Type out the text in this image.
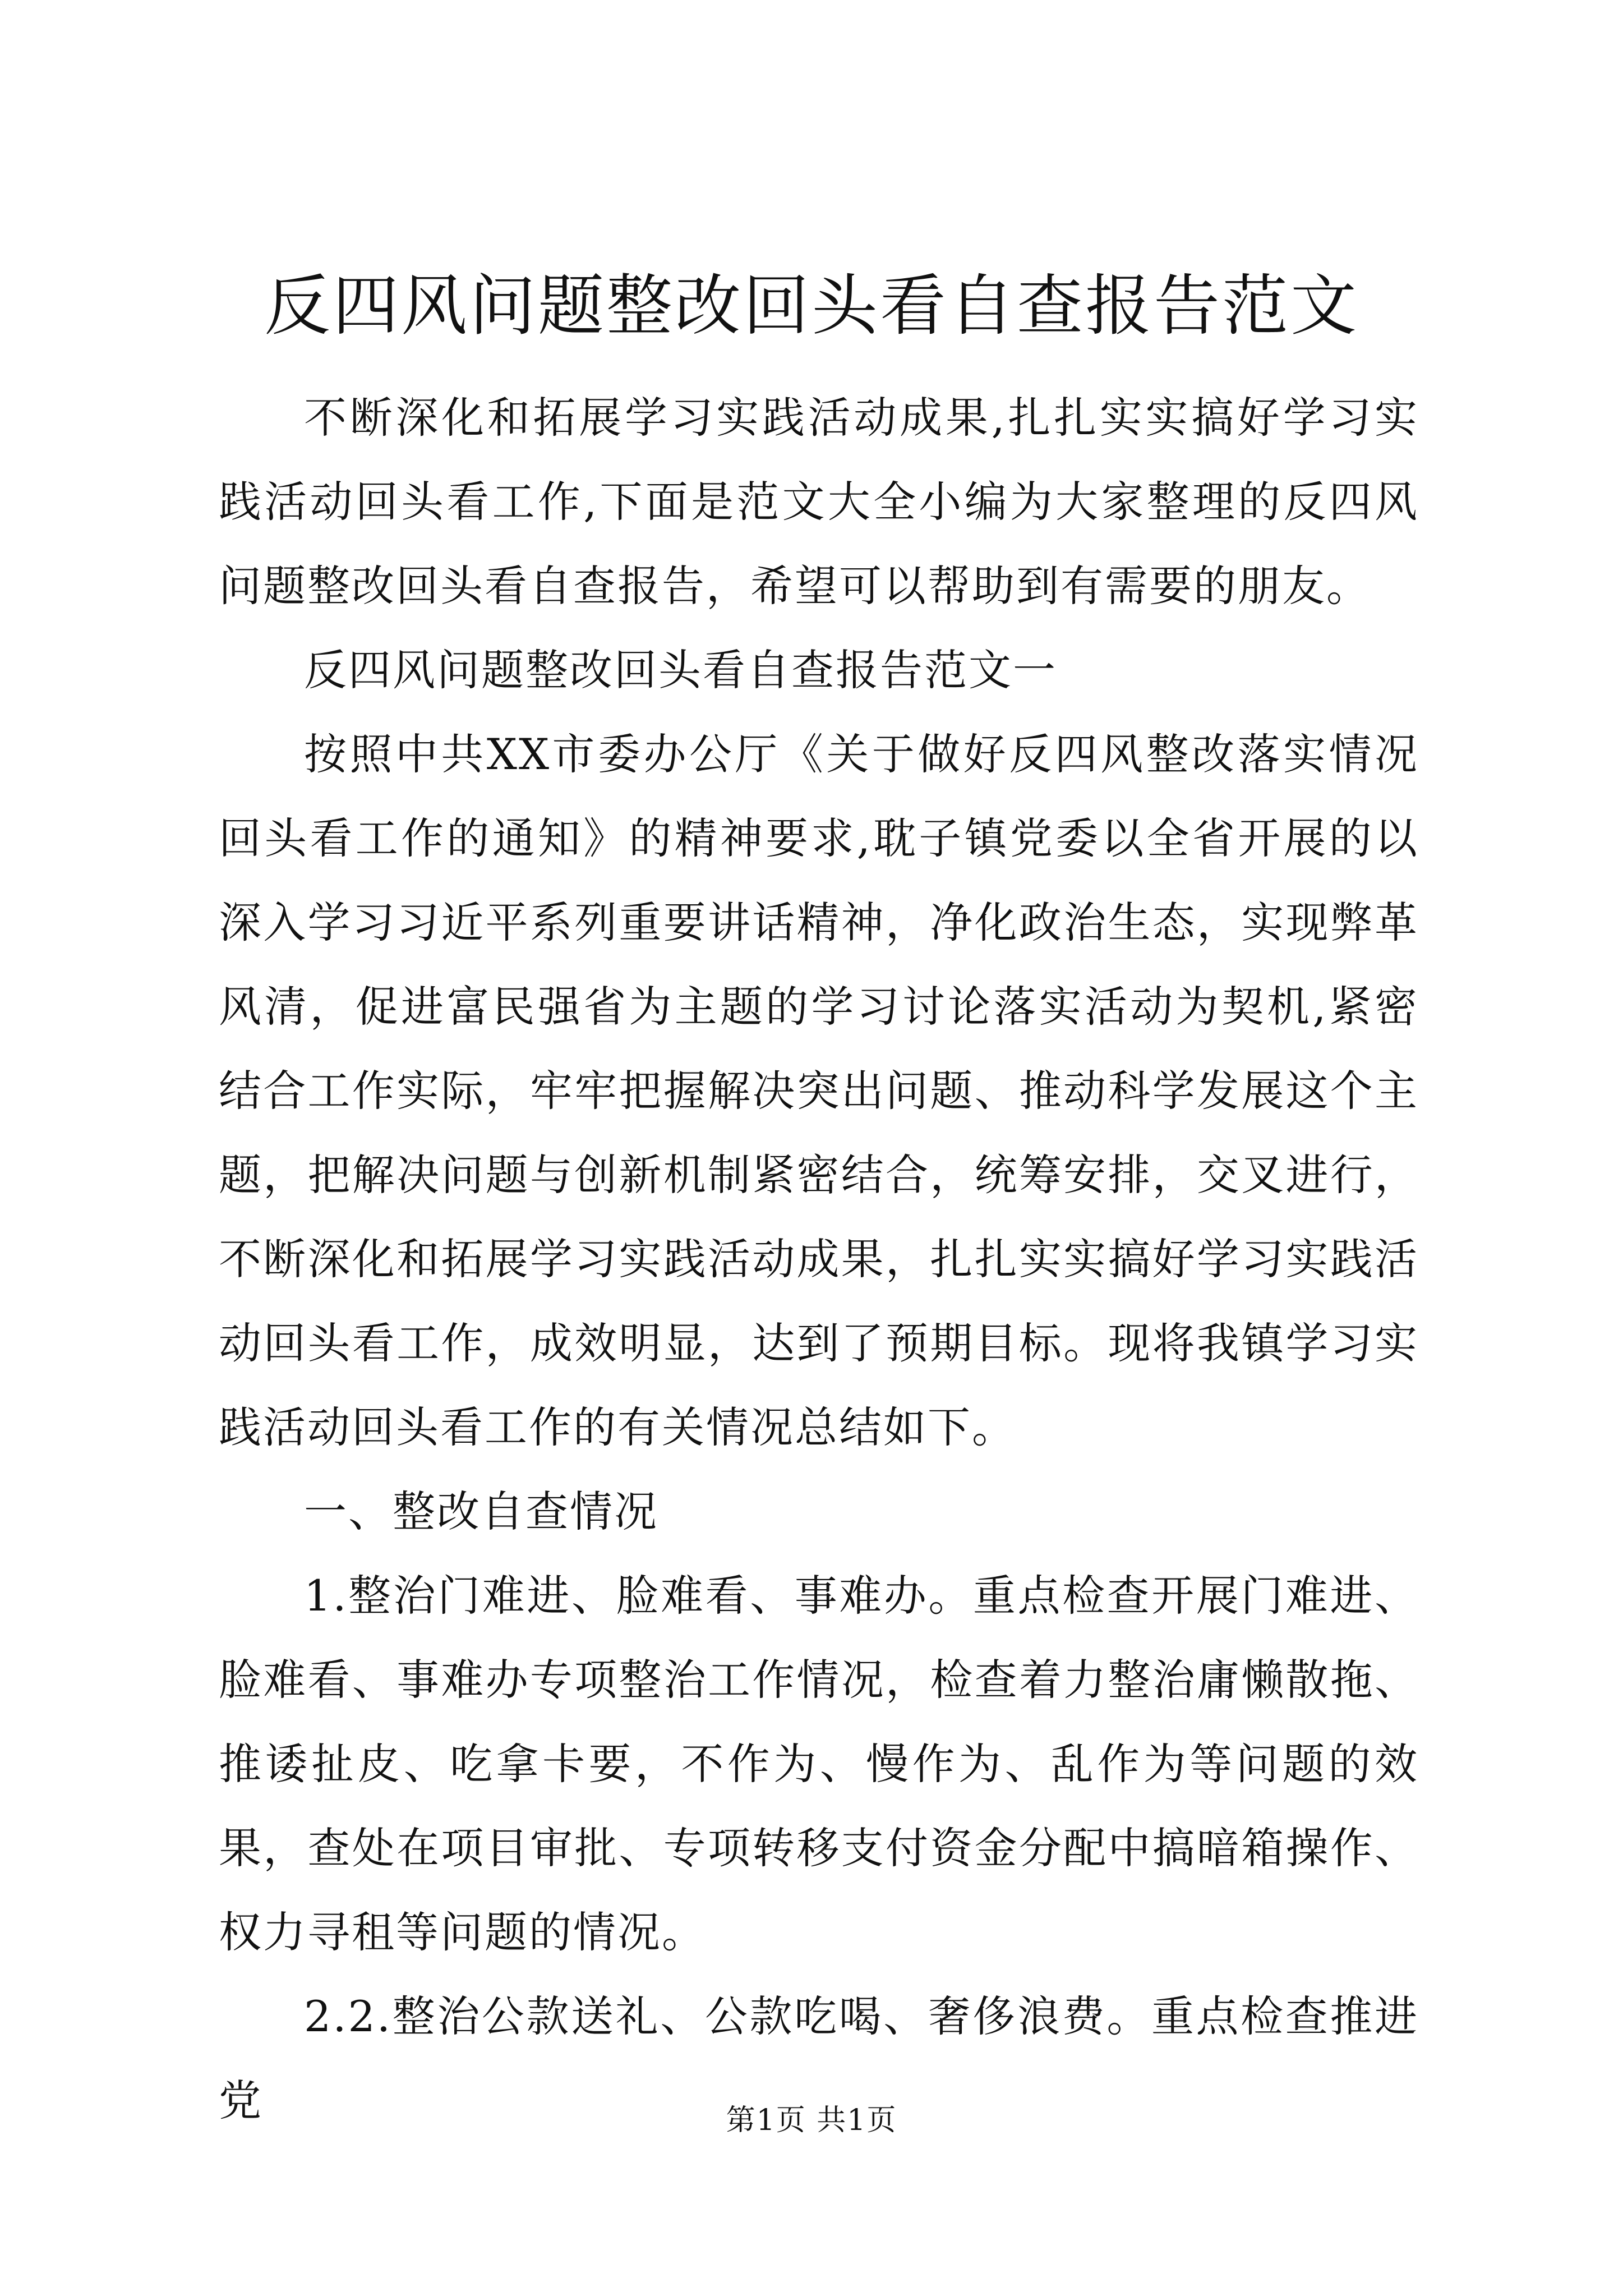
反四风问题整改回头看自查报告范文

不断深化和拓展学习实践活动成果,扎扎实实搞好学习实践活动回头看工作,下面是范文大全小编为大家整理的反四风问题整改回头看自查报告，希望可以帮助到有需要的朋友。

反四风问题整改回头看自查报告范文一

按照中共XX市委办公厅《关于做好反四风整改落实情况回头看工作的通知》的精神要求,耽子镇党委以全省开展的以深入学习习近平系列重要讲话精神，净化政治生态，实现弊革风清，促进富民强省为主题的学习讨论落实活动为契机,紧密结合工作实际，牢牢把握解决突出问题、推动科学发展这个主题，把解决问题与创新机制紧密结合，统筹安排，交叉进行，不断深化和拓展学习实践活动成果，扎扎实实搞好学习实践活动回头看工作，成效明显，达到了预期目标。现将我镇学习实践活动回头看工作的有关情况总结如下。

一、整改自查情况

1.整治门难进、脸难看、事难办。重点检查开展门难进、脸难看、事难办专项整治工作情况，检查着力整治庸懒散拖、推诿扯皮、吃拿卡要，不作为、慢作为、乱作为等问题的效果，查处在项目审批、专项转移支付资金分配中搞暗箱操作、权力寻租等问题的情况。

2.2.整治公款送礼、公款吃喝、奢侈浪费。重点检查推进党	第1页 共1页
